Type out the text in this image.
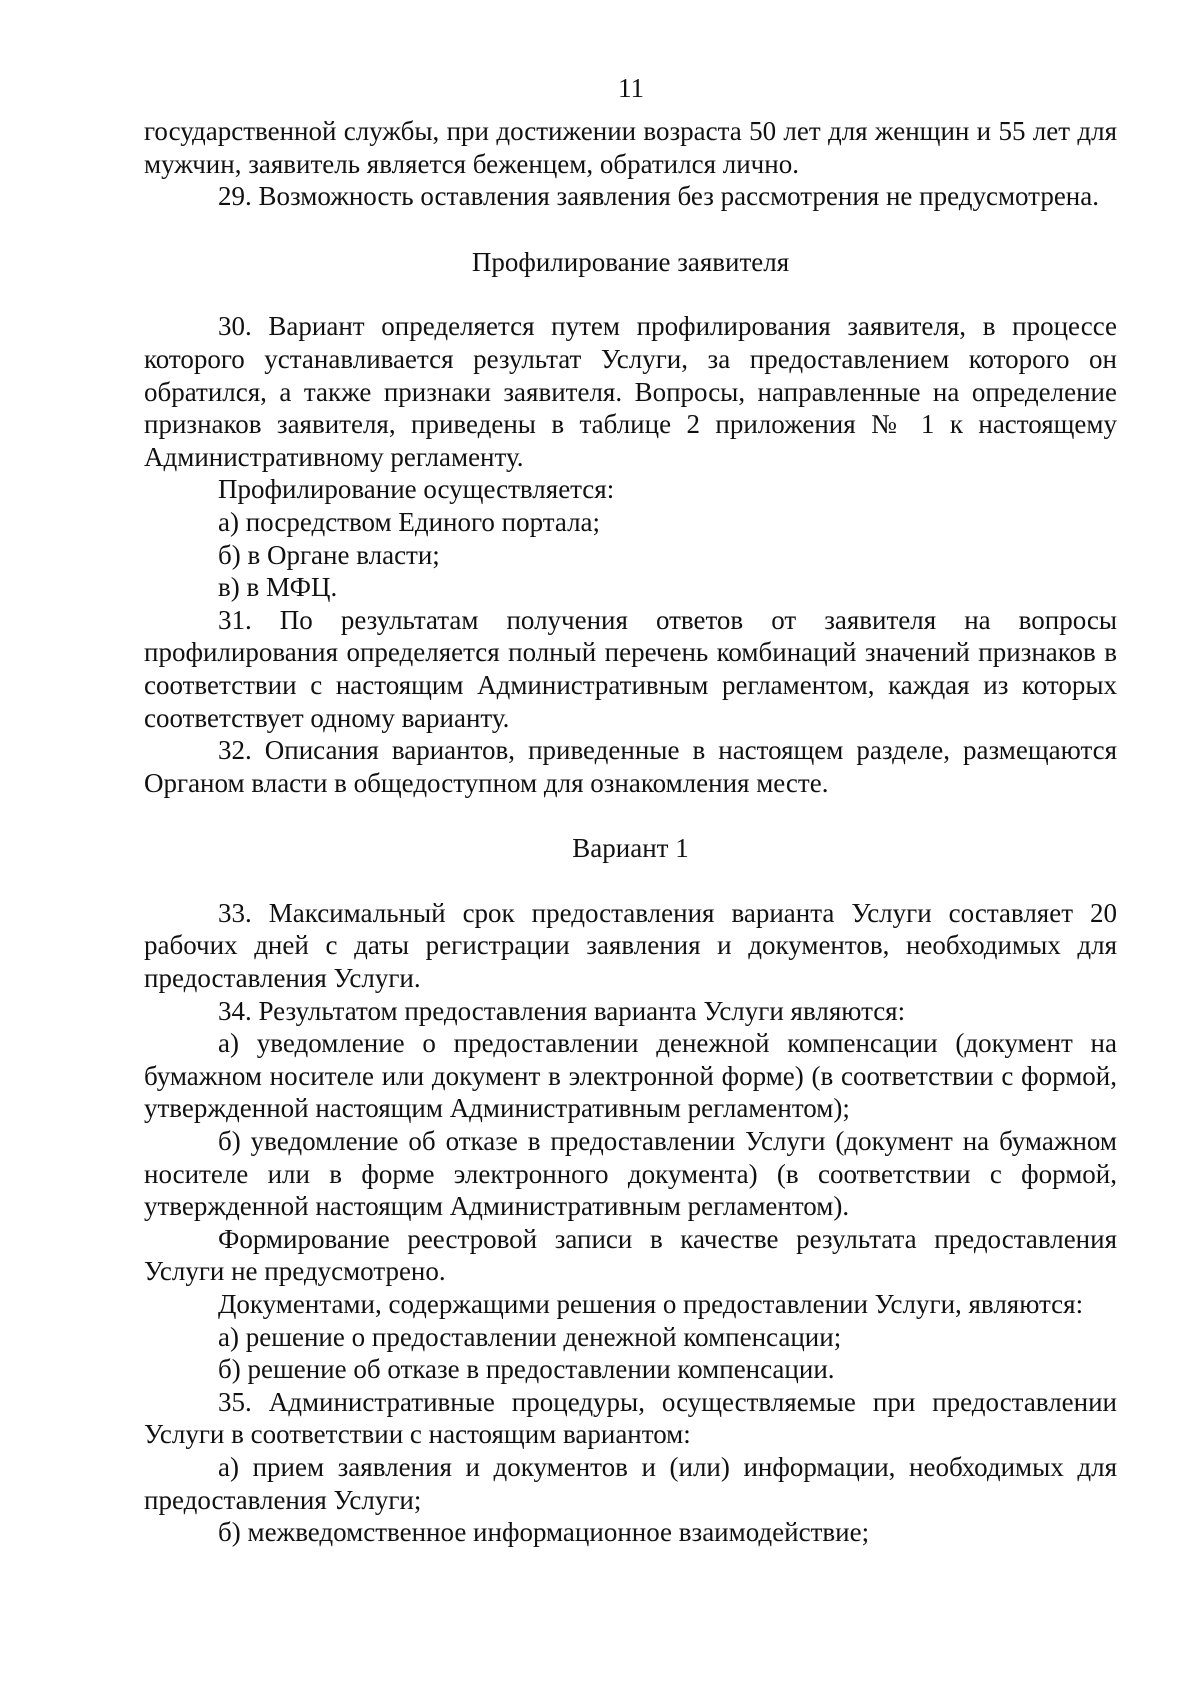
11

государственной службы, при достижении возраста 50 лет для женщин и 55 лет для мужчин, заявитель является беженцем, обратился лично.

29. Возможность оставления заявления без рассмотрения не предусмотрена.

Профилирование заявителя

30. Вариант определяется путем профилирования заявителя, в процессе которого устанавливается результат Услуги, за предоставлением которого он обратился, а также признаки заявителя. Вопросы, направленные на определение признаков заявителя, приведены в таблице 2 приложения № 1 к настоящему Административному регламенту.

Профилирование осуществляется:

а) посредством Единого портала;

б) в Органе власти;

в) в МФЦ.

31. По результатам получения ответов от заявителя на вопросы профилирования определяется полный перечень комбинаций значений признаков в соответствии с настоящим Административным регламентом, каждая из которых соответствует одному варианту.

32. Описания вариантов, приведенные в настоящем разделе, размещаются Органом власти в общедоступном для ознакомления месте.

Вариант 1

33. Максимальный срок предоставления варианта Услуги составляет 20 рабочих дней с даты регистрации заявления и документов, необходимых для предоставления Услуги.

34. Результатом предоставления варианта Услуги являются:

а) уведомление о предоставлении денежной компенсации (документ на бумажном носителе или документ в электронной форме) (в соответствии с формой, утвержденной настоящим Административным регламентом);

б) уведомление об отказе в предоставлении Услуги (документ на бумажном носителе или в форме электронного документа) (в соответствии с формой, утвержденной настоящим Административным регламентом).

Формирование реестровой записи в качестве результата предоставления Услуги не предусмотрено.

Документами, содержащими решения о предоставлении Услуги, являются:

а) решение о предоставлении денежной компенсации;

б) решение об отказе в предоставлении компенсации.

35. Административные процедуры, осуществляемые при предоставлении Услуги в соответствии с настоящим вариантом:

а) прием заявления и документов и (или) информации, необходимых для предоставления Услуги;

б) межведомственное информационное взаимодействие;
